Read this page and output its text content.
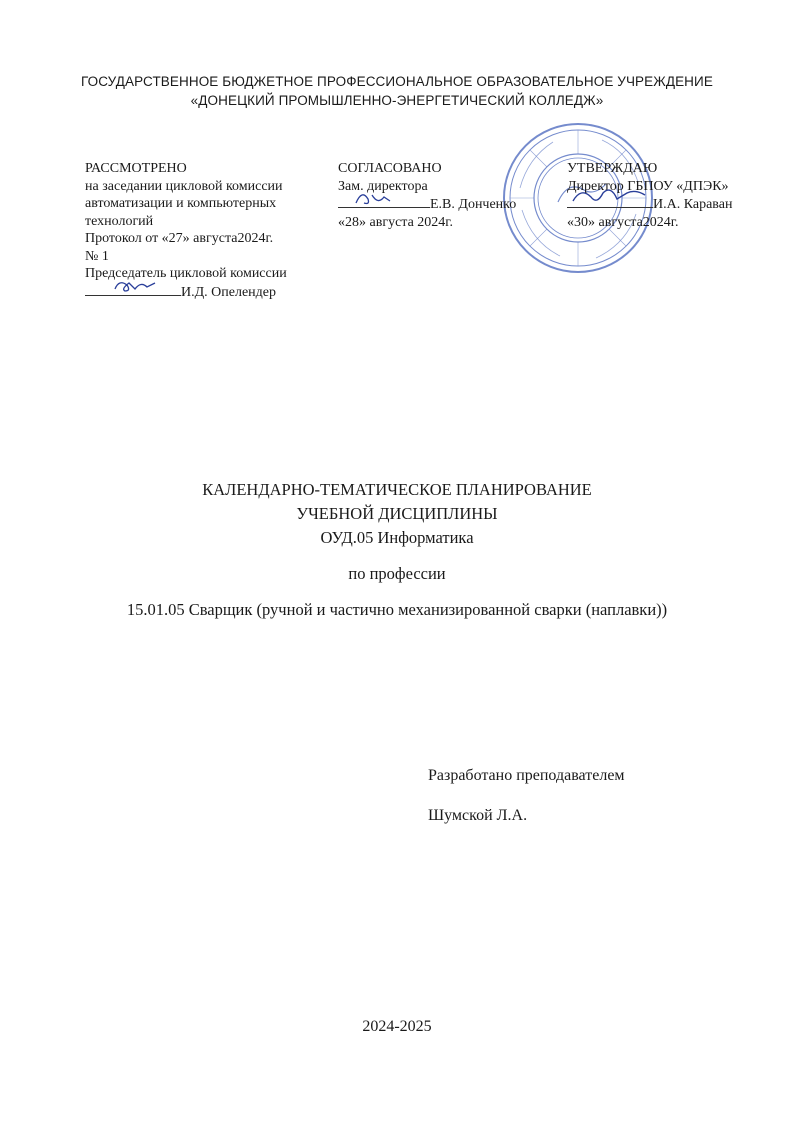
ГОСУДАРСТВЕННОЕ БЮДЖЕТНОЕ ПРОФЕССИОНАЛЬНОЕ ОБРАЗОВАТЕЛЬНОЕ УЧРЕЖДЕНИЕ
«ДОНЕЦКИЙ ПРОМЫШЛЕННО-ЭНЕРГЕТИЧЕСКИЙ КОЛЛЕДЖ»
РАССМОТРЕНО
на заседании цикловой комиссии
автоматизации и компьютерных
технологий
Протокол от «27» августа2024г.
№ 1
Председатель цикловой комиссии
И.Д. Опелендер
СОГЛАСОВАНО
Зам. директора
Е.В. Донченко
«28» августа 2024г.
УТВЕРЖДАЮ
Директор ГБПОУ «ДПЭК»
И.А. Караван
«30» августа2024г.
КАЛЕНДАРНО-ТЕМАТИЧЕСКОЕ ПЛАНИРОВАНИЕ
УЧЕБНОЙ ДИСЦИПЛИНЫ
ОУД.05 Информатика
по профессии
15.01.05 Сварщик (ручной и частично механизированной сварки (наплавки))
Разработано преподавателем
Шумской Л.А.
2024-2025
